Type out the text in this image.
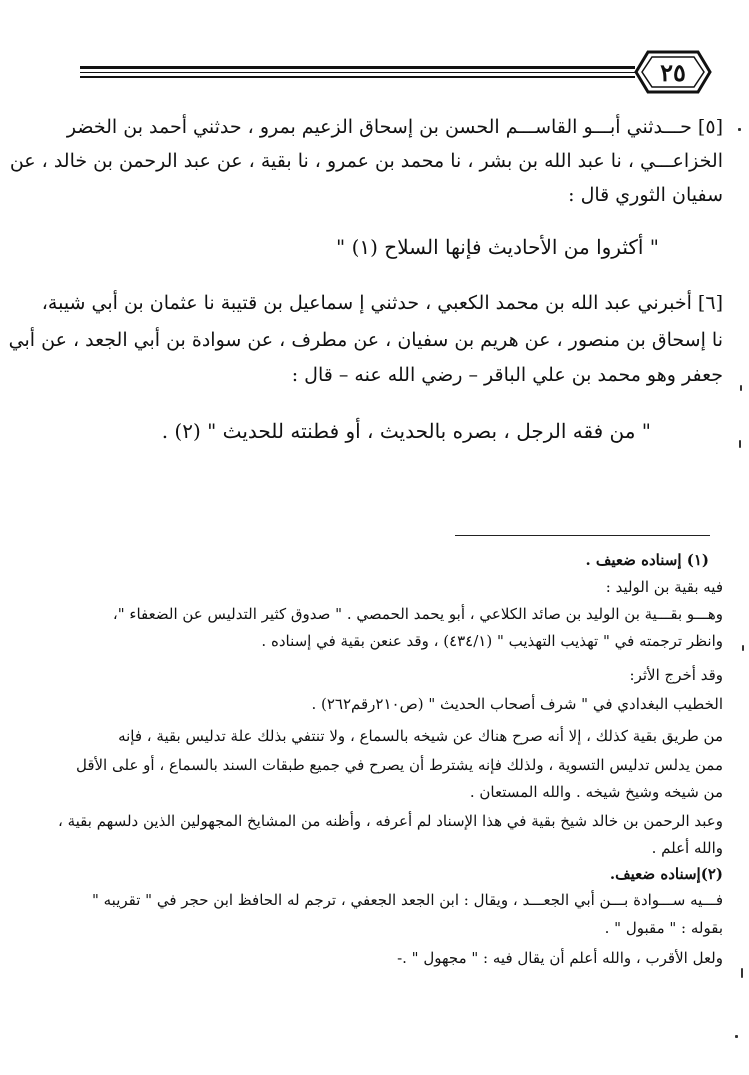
٢٥
[٥] حـــدثني أبـــو القاســـم الحسن بن إسحاق الزعيم بمرو ، حدثني أحمد بن الخضر
الخزاعـــي ، نا عبد الله بن بشر ، نا محمد بن عمرو ، نا بقية ، عن عبد الرحمن بن خالد ، عن
سفيان الثوري قال :
" أكثروا من الأحاديث فإنها السلاح (١) "
[٦] أخبرني عبد الله بن محمد الكعبي ، حدثني إ سماعيل بن قتيبة نا عثمان بن أبي شيبة،
نا إسحاق بن منصور ، عن هريم بن سفيان ، عن مطرف ، عن سوادة بن أبي الجعد ، عن أبي
جعفر وهو محمد بن علي الباقر – رضي الله عنه – قال :
" من فقه الرجل ، بصره بالحديث ، أو فطنته للحديث " (٢) .
(١) إسناده ضعيف .
فيه بقية بن الوليد :
وهـــو بقـــية بن الوليد بن صائد الكلاعي ، أبو يحمد الحمصي . " صدوق كثير التدليس عن الضعفاء "،
وانظر ترجمته في " تهذيب التهذيب " (٤٣٤/١) ، وقد عنعن بقية في إسناده .
وقد أخرج الأثر:
الخطيب البغدادي في " شرف أصحاب الحديث " (ص٢١٠رقم٢٦٢) .
من طريق بقية كذلك ، إلا أنه صرح هناك عن شيخه بالسماع ، ولا تنتفي بذلك علة تدليس بقية ، فإنه
ممن يدلس تدليس التسوية ، ولذلك فإنه يشترط أن يصرح في جميع طبقات السند بالسماع ، أو على الأقل
من شيخه وشيخ شيخه . والله المستعان .
وعبد الرحمن بن خالد شيخ بقية في هذا الإسناد لم أعرفه ، وأظنه من المشايخ المجهولين الذين دلسهم بقية ،
والله أعلم .
(٢)إسناده ضعيف.
فـــيه ســـوادة بـــن أبي الجعـــد ، ويقال : ابن الجعد الجعفي ، ترجم له الحافظ ابن حجر في " تقريبه "
بقوله : " مقبول " .
ولعل الأقرب ، والله أعلم أن يقال فيه : " مجهول " .-
